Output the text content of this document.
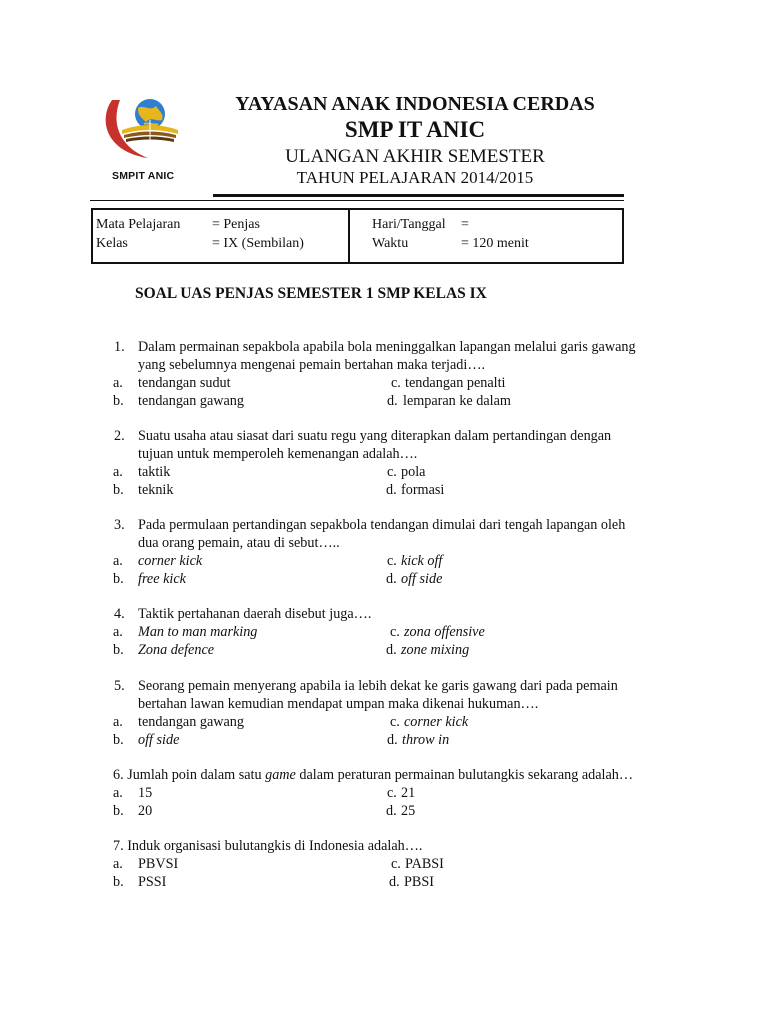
SMPIT ANIC
YAYASAN ANAK INDONESIA CERDAS
SMP IT ANIC
ULANGAN AKHIR SEMESTER
TAHUN PELAJARAN 2014/2015
Mata Pelajaran = Penjas
Kelas	= IX (Sembilan)
Hari/Tanggal =
Waktu	= 120 menit
SOAL UAS PENJAS SEMESTER 1 SMP KELAS IX
1. Dalam permainan sepakbola apabila bola meninggalkan lapangan melalui garis gawang
yang sebelumnya mengenai pemain bertahan maka terjadi….
a. tendangan sudut	c. tendangan penalti
b. tendangan gawang	d. lemparan ke dalam
2. Suatu usaha atau siasat dari suatu regu yang diterapkan dalam pertandingan dengan
tujuan untuk memperoleh kemenangan adalah….
a. taktik	c. pola
b. teknik	d. formasi
3. Pada permulaan pertandingan sepakbola tendangan dimulai dari tengah lapangan oleh
dua orang pemain, atau di sebut…..
a. corner kick	c. kick off
b. free kick	d. off side
4. Taktik pertahanan daerah disebut juga….
a. Man to man marking	c. zona offensive
b. Zona defence	d. zone mixing
5. Seorang pemain menyerang apabila ia lebih dekat ke garis gawang dari pada pemain
bertahan lawan kemudian mendapat umpan maka dikenai hukuman….
a. tendangan gawang	c. corner kick
b. off side	d. throw in
6. Jumlah poin dalam satu game dalam peraturan permainan bulutangkis sekarang adalah…
a. 15	c. 21
b. 20	d. 25
7. Induk organisasi bulutangkis di Indonesia adalah….
a. PBVSI	c. PABSI
b. PSSI	d. PBSI
